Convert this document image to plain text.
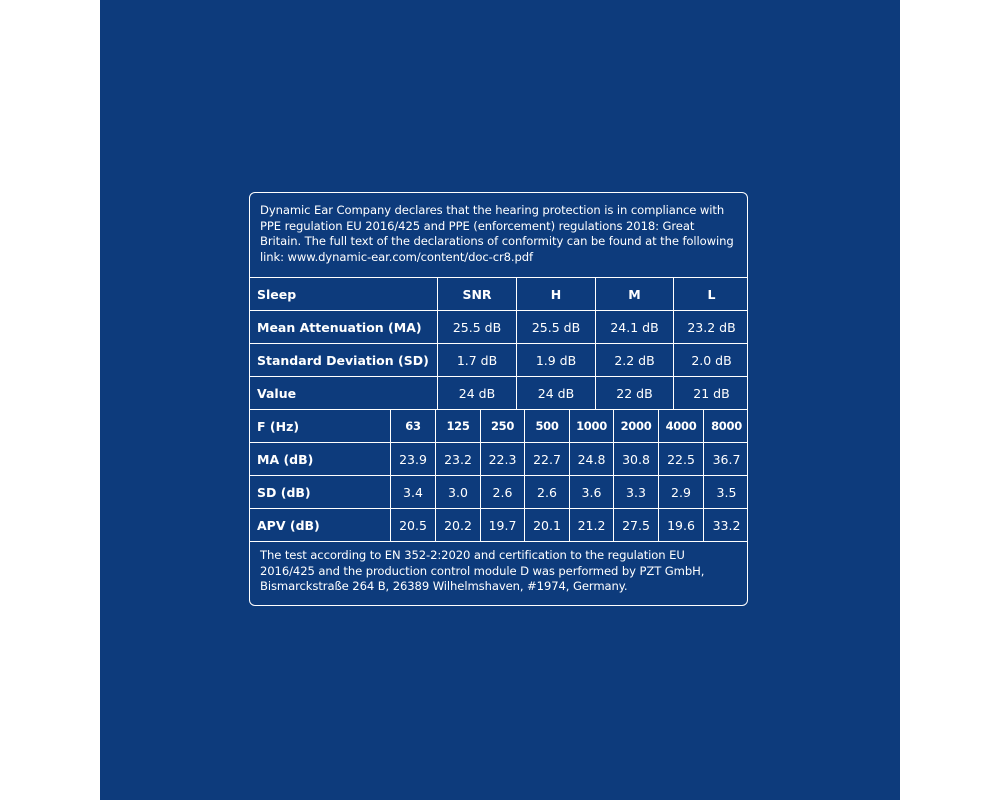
Dynamic Ear Company declares that the hearing protection is in compliance with PPE regulation EU 2016/425 and PPE (enforcement) regulations 2018: Great Britain. The full text of the declarations of conformity can be found at the following link: www.dynamic-ear.com/content/doc-cr8.pdf
Sleep	SNR	H	M	L
Mean Attenuation (MA)	25.5 dB	25.5 dB	24.1 dB	23.2 dB
Standard Deviation (SD)	1.7 dB	1.9 dB	2.2 dB	2.0 dB
Value	24 dB	24 dB	22 dB	21 dB
F (Hz)	63	125	250	500	1000	2000	4000	8000
MA (dB)	23.9	23.2	22.3	22.7	24.8	30.8	22.5	36.7
SD (dB)	3.4	3.0	2.6	2.6	3.6	3.3	2.9	3.5
APV (dB)	20.5	20.2	19.7	20.1	21.2	27.5	19.6	33.2
The test according to EN 352-2:2020 and certification to the regulation EU 2016/425 and the production control module D was performed by PZT GmbH, Bismarckstraße 264 B, 26389 Wilhelmshaven, #1974, Germany.
